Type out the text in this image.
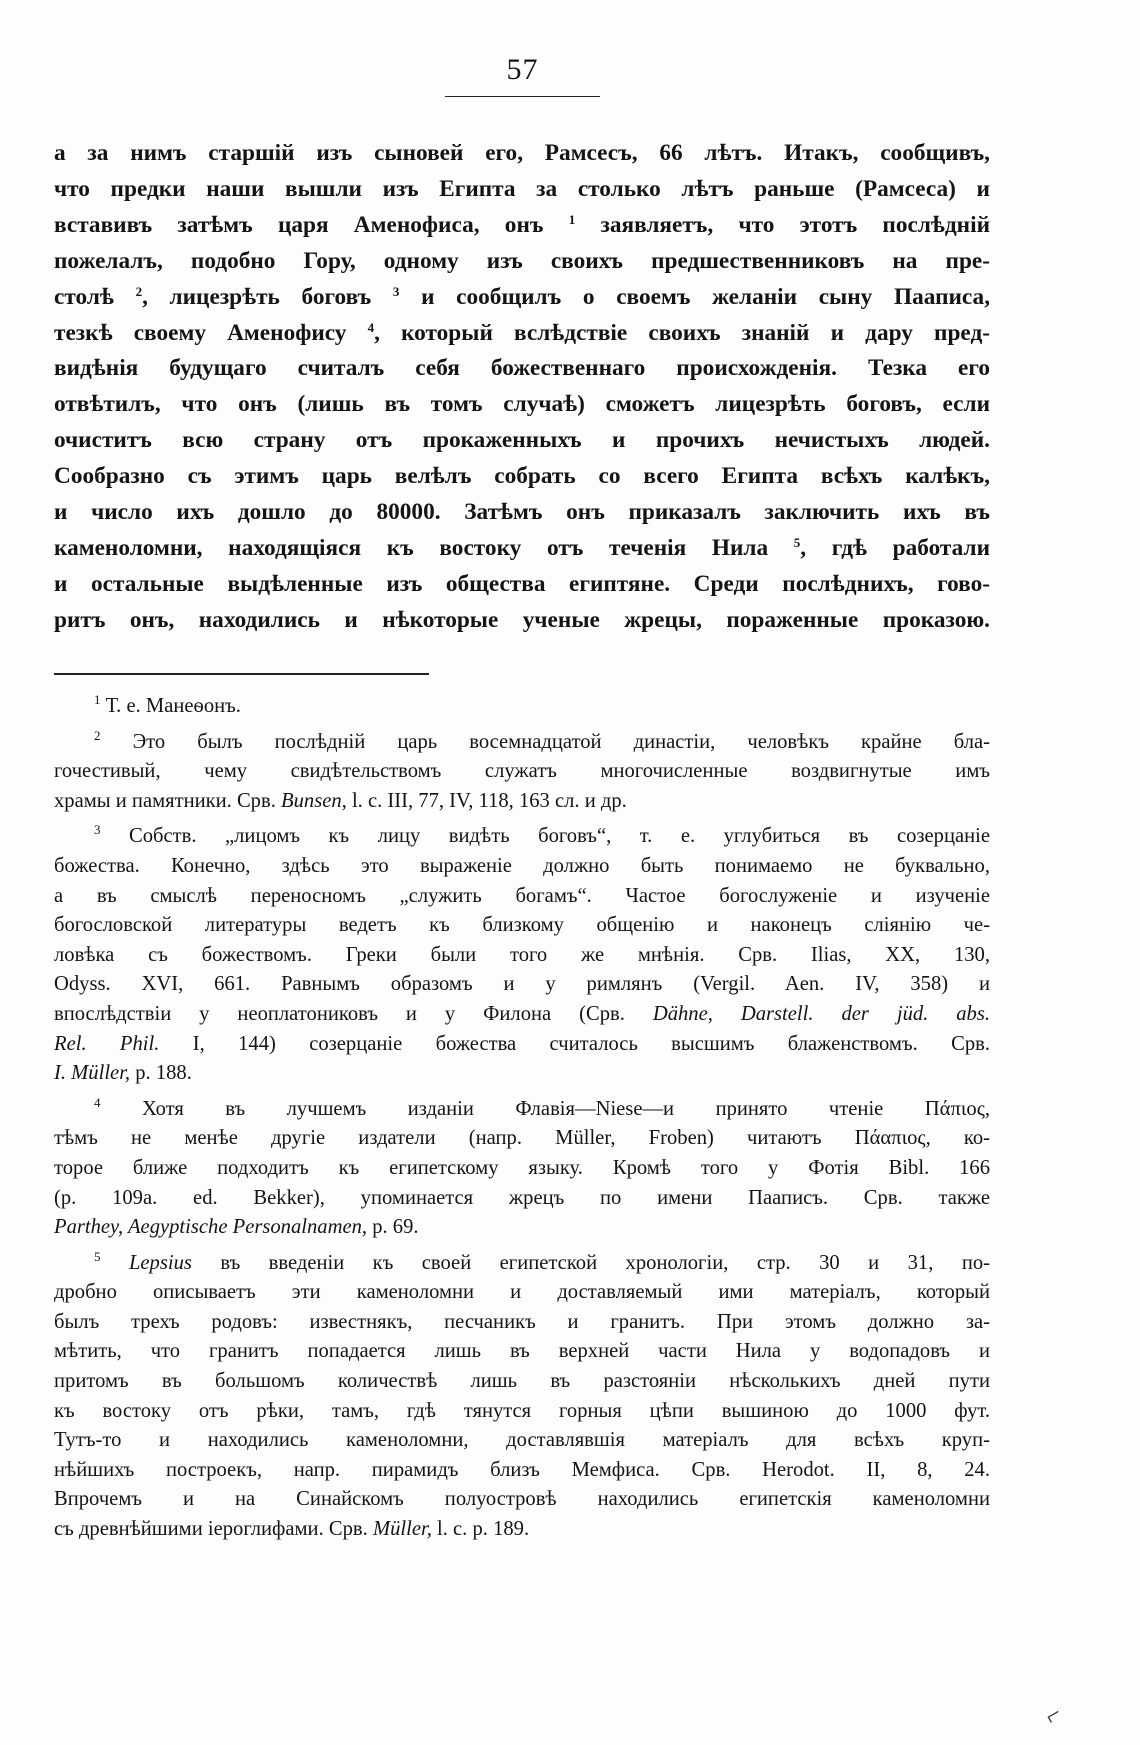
57
а за нимъ старшій изъ сыновей его, Рамсесъ, 66 лѣтъ. Итакъ, сообщивъ,
что предки наши вышли изъ Египта за столько лѣтъ раньше (Рамсеса) и
вставивъ затѣмъ царя Аменофиса, онъ $^1$ заявляетъ, что этотъ послѣдній
пожелалъ, подобно Гору, одному изъ своихъ предшественниковъ на пре-
столѣ $^2$, лицезрѣть боговъ $^3$ и сообщилъ о своемъ желаніи сыну Пааписа,
тезкѣ своему Аменофису $^4$, который вслѣдствіе своихъ знаній и дару пред-
видѣнія будущаго считалъ себя божественнаго происхожденія. Тезка его
отвѣтилъ, что онъ (лишь въ томъ случаѣ) сможетъ лицезрѣть боговъ, если
очиститъ всю страну отъ прокаженныхъ и прочихъ нечистыхъ людей.
Сообразно съ этимъ царь велѣлъ собрать со всего Египта всѣхъ калѣкъ,
и число ихъ дошло до 80000. Затѣмъ онъ приказалъ заключить ихъ въ
каменоломни, находящіяся къ востоку отъ теченія Нила $^5$, гдѣ работали
и остальные выдѣленные изъ общества египтяне. Среди послѣднихъ, гово-
ритъ онъ, находились и нѣкоторые ученые жрецы, пораженные проказою.
$^1$ Т. е. Манеѳонъ.
$^2$ Это былъ послѣдній царь восемнадцатой династіи, человѣкъ крайне бла-
гочестивый, чему свидѣтельствомъ служатъ многочисленные воздвигнутые имъ
храмы и памятники. Срв. Bunsen, l. c. III, 77, IV, 118, 163 сл. и др.
$^3$ Собств. „лицомъ къ лицу видѣть боговъ“, т. е. углубиться въ созерцаніе
божества. Конечно, здѣсь это выраженіе должно быть понимаемо не буквально,
а въ смыслѣ переносномъ „служить богамъ“. Частое богослуженіе и изученіе
богословской литературы ведетъ къ близкому общенію и наконецъ сліянію че-
ловѣка съ божествомъ. Греки были того же мнѣнія. Срв. Ilias, XX, 130,
Odyss. XVI, 661. Равнымъ образомъ и у римлянъ (Vergil. Aen. IV, 358) и
впослѣдствіи у неоплатониковъ и у Филона (Срв. Dähne, Darstell. der jüd. abs.
Rel. Phil. I, 144) созерцаніе божества считалось высшимъ блаженствомъ. Срв.
I. Müller, p. 188.
$^4$ Хотя въ лучшемъ изданіи Флавія—Niese—и принято чтеніе Πάπιος,
тѣмъ не менѣе другіе издатели (напр. Müller, Froben) читаютъ Πάαπιος, ко-
торое ближе подходитъ къ египетскому языку. Кромѣ того у Фотія Bibl. 166
(p. 109a. ed. Bekker), упоминается жрецъ по имени Пааписъ. Срв. также
Parthey, Aegyptische Personalnamen, p. 69.
$^5$ Lepsius въ введеніи къ своей египетской хронологіи, стр. 30 и 31, по-
дробно описываетъ эти каменоломни и доставляемый ими матеріалъ, который
былъ трехъ родовъ: известнякъ, песчаникъ и гранитъ. При этомъ должно за-
мѣтить, что гранитъ попадается лишь въ верхней части Нила у водопадовъ и
притомъ въ большомъ количествѣ лишь въ разстояніи нѣсколькихъ дней пути
къ востоку отъ рѣки, тамъ, гдѣ тянутся горныя цѣпи вышиною до 1000 фут.
Тутъ-то и находились каменоломни, доставлявшія матеріалъ для всѣхъ круп-
нѣйшихъ построекъ, напр. пирамидъ близъ Мемфиса. Срв. Herodot. II, 8, 24.
Впрочемъ и на Синайскомъ полуостровѣ находились египетскія каменоломни
съ древнѣйшими іероглифами. Срв. Müller, l. c. p. 189.
⌐
